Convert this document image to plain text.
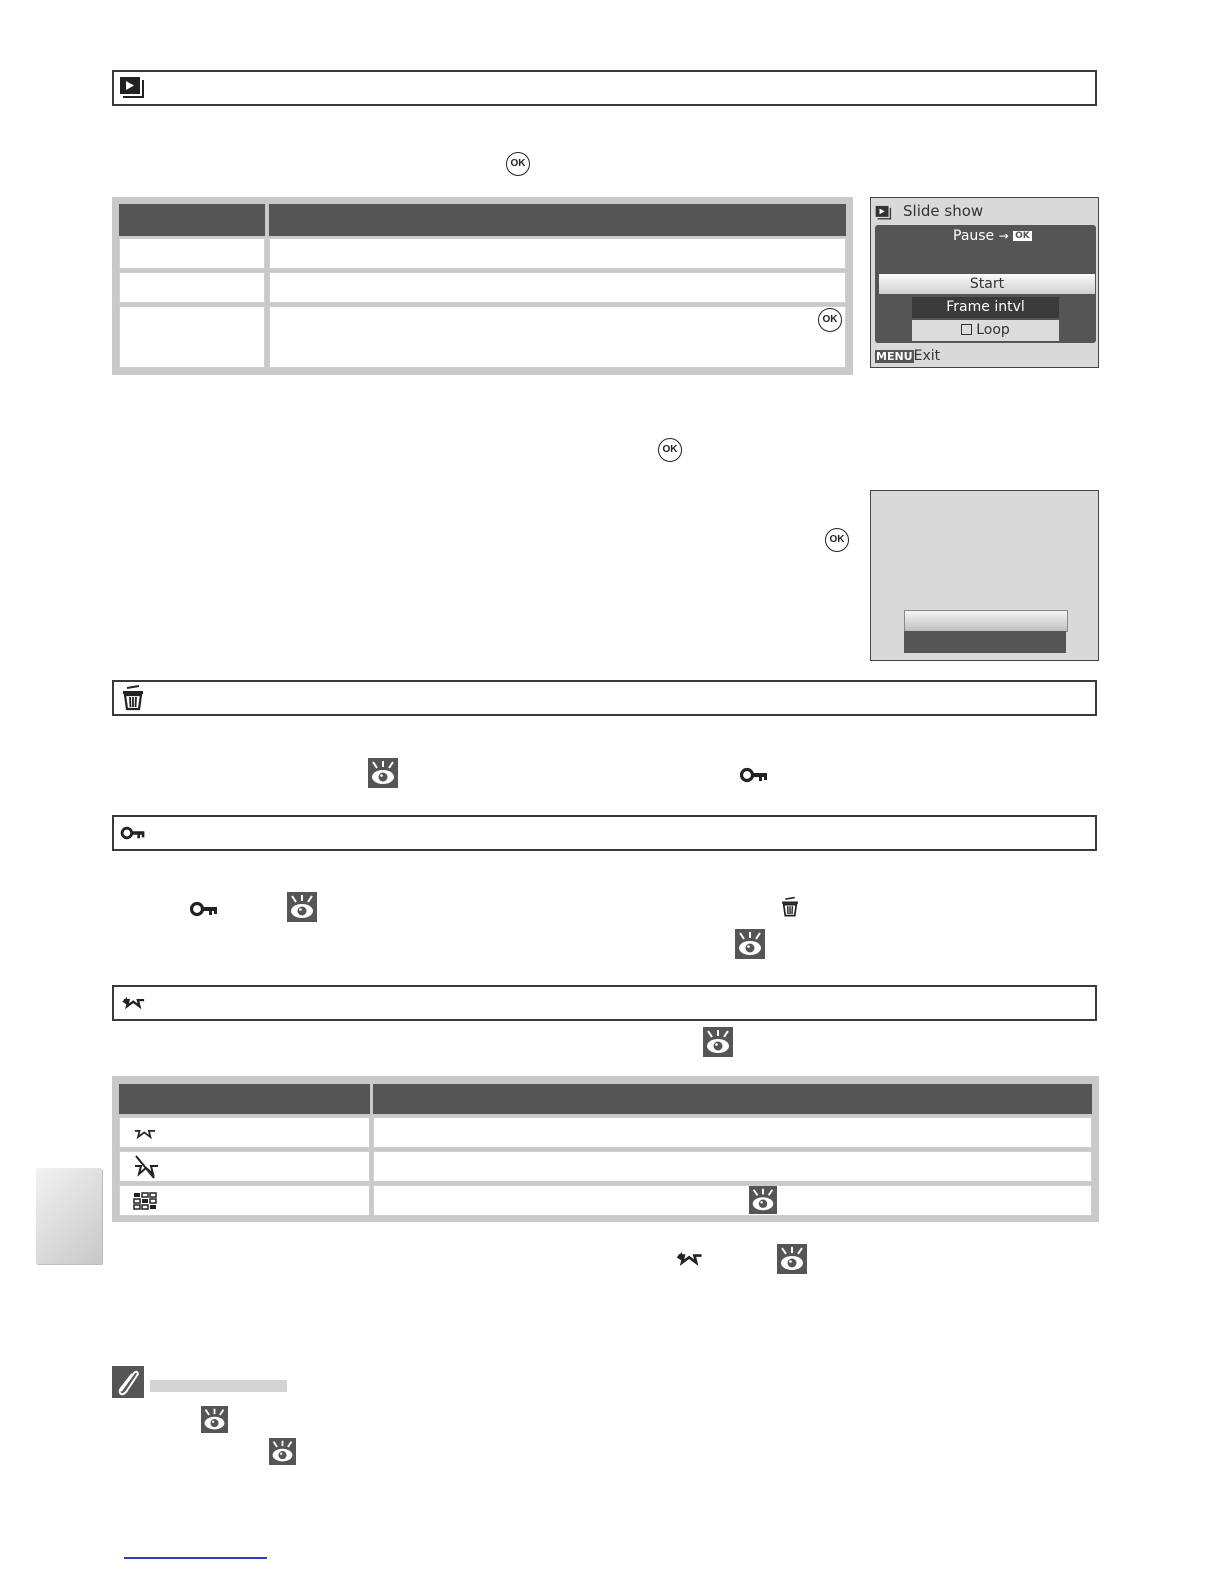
OK
OK
Slide show
Pause → OK
Start
Frame intvl
Loop
MENUExit
OK
OK
